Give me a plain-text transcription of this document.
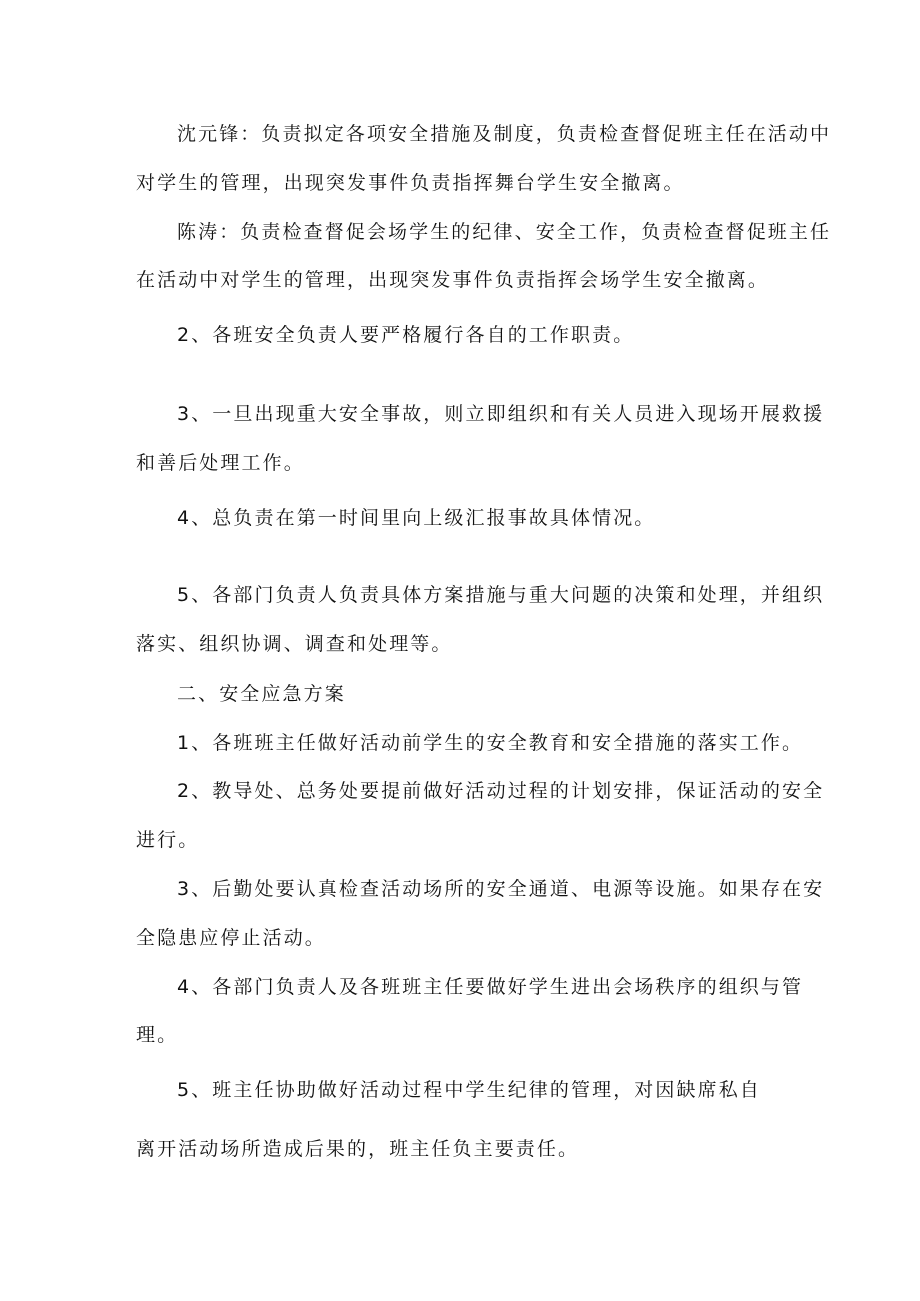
沈元锋：负责拟定各项安全措施及制度，负责检查督促班主任在活动中

对学生的管理，出现突发事件负责指挥舞台学生安全撤离。

陈涛：负责检查督促会场学生的纪律、安全工作，负责检查督促班主任

在活动中对学生的管理，出现突发事件负责指挥会场学生安全撤离。

2、各班安全负责人要严格履行各自的工作职责。

3、一旦出现重大安全事故，则立即组织和有关人员进入现场开展救援

和善后处理工作。

4、总负责在第一时间里向上级汇报事故具体情况。

5、各部门负责人负责具体方案措施与重大问题的决策和处理，并组织

落实、组织协调、调查和处理等。

二、安全应急方案

1、各班班主任做好活动前学生的安全教育和安全措施的落实工作。

2、教导处、总务处要提前做好活动过程的计划安排，保证活动的安全

进行。

3、后勤处要认真检查活动场所的安全通道、电源等设施。如果存在安

全隐患应停止活动。

4、各部门负责人及各班班主任要做好学生进出会场秩序的组织与管

理。

5、班主任协助做好活动过程中学生纪律的管理，对因缺席私自

离开活动场所造成后果的，班主任负主要责任。
